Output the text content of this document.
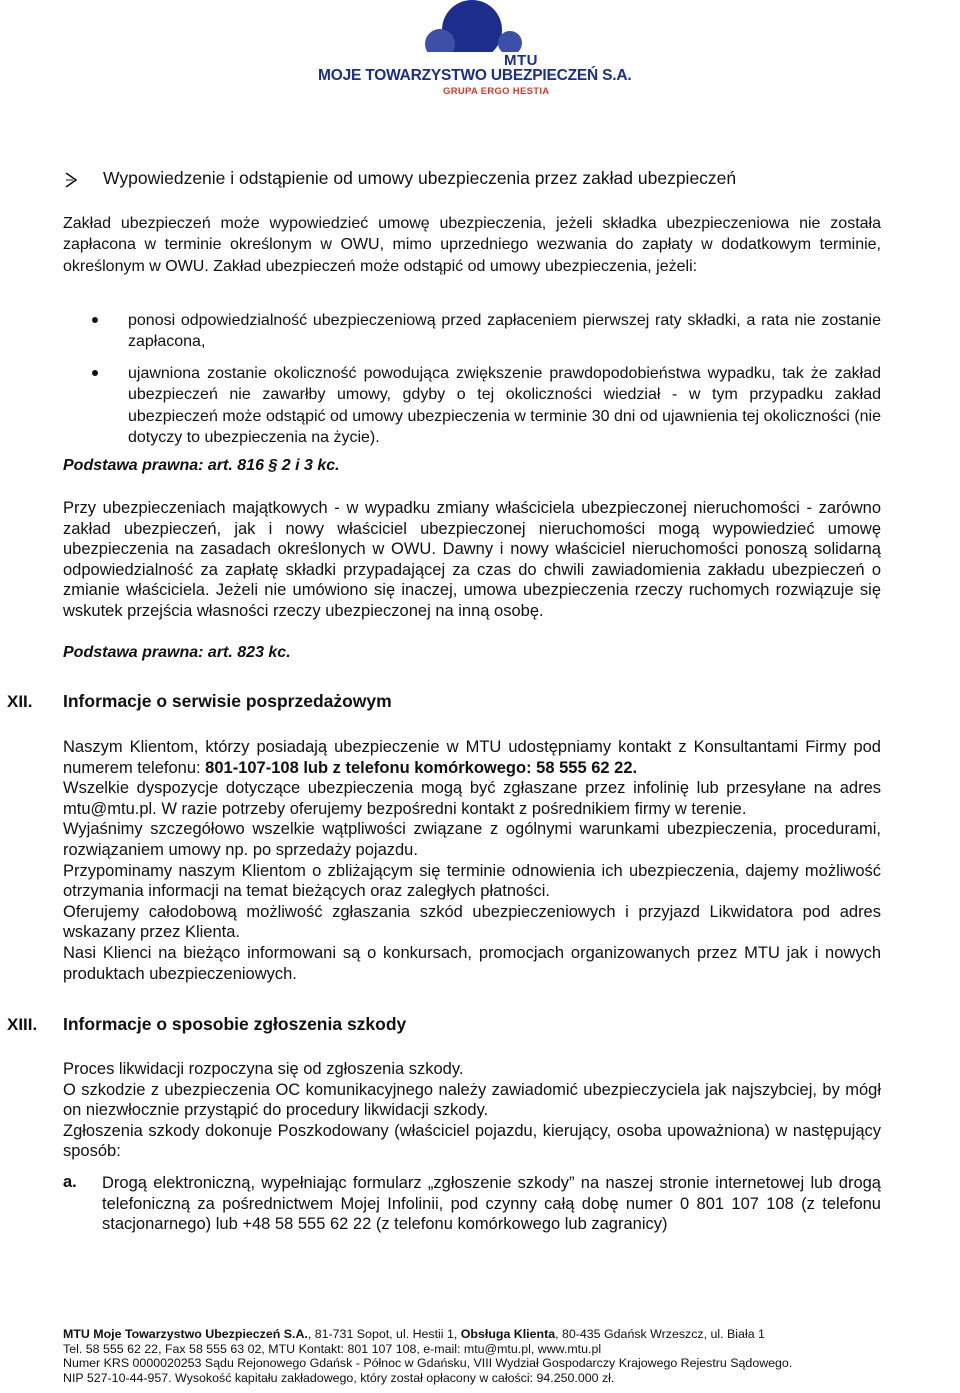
MTU
MOJE TOWARZYSTWO UBEZPIECZEŃ S.A.
GRUPA ERGO HESTIA
Wypowiedzenie i odstąpienie od umowy ubezpieczenia przez zakład ubezpieczeń

Zakład ubezpieczeń może wypowiedzieć umowę ubezpieczenia, jeżeli składka ubezpieczeniowa nie została zapłacona w terminie określonym w OWU, mimo uprzedniego wezwania do zapłaty w dodatkowym terminie, określonym w OWU. Zakład ubezpieczeń może odstąpić od umowy ubezpieczenia, jeżeli:

ponosi odpowiedzialność ubezpieczeniową przed zapłaceniem pierwszej raty składki, a rata nie zostanie zapłacona,

ujawniona zostanie okoliczność powodująca zwiększenie prawdopodobieństwa wypadku, tak że zakład ubezpieczeń nie zawarłby umowy, gdyby o tej okoliczności wiedział - w tym przypadku zakład ubezpieczeń może odstąpić od umowy ubezpieczenia w terminie 30 dni od ujawnienia tej okoliczności (nie dotyczy to ubezpieczenia na życie).

Podstawa prawna: art. 816 § 2 i 3 kc.

Przy ubezpieczeniach majątkowych - w wypadku zmiany właściciela ubezpieczonej nieruchomości - zarówno zakład ubezpieczeń, jak i nowy właściciel ubezpieczonej nieruchomości mogą wypowiedzieć umowę ubezpieczenia na zasadach określonych w OWU. Dawny i nowy właściciel nieruchomości ponoszą solidarną odpowiedzialność za zapłatę składki przypadającej za czas do chwili zawiadomienia zakładu ubezpieczeń o zmianie właściciela. Jeżeli nie umówiono się inaczej, umowa ubezpieczenia rzeczy ruchomych rozwiązuje się wskutek przejścia własności rzeczy ubezpieczonej na inną osobę.

Podstawa prawna: art. 823 kc.
XII. Informacje o serwisie posprzedażowym

Naszym Klientom, którzy posiadają ubezpieczenie w MTU udostępniamy kontakt z Konsultantami Firmy pod numerem telefonu: 801-107-108 lub z telefonu komórkowego: 58 555 62 22.

Wszelkie dyspozycje dotyczące ubezpieczenia mogą być zgłaszane przez infolinię lub przesyłane na adres mtu@mtu.pl. W razie potrzeby oferujemy bezpośredni kontakt z pośrednikiem firmy w terenie.

Wyjaśnimy szczegółowo wszelkie wątpliwości związane z ogólnymi warunkami ubezpieczenia, procedurami, rozwiązaniem umowy np. po sprzedaży pojazdu.

Przypominamy naszym Klientom o zbliżającym się terminie odnowienia ich ubezpieczenia, dajemy możliwość otrzymania informacji na temat bieżących oraz zaległych płatności.

Oferujemy całodobową możliwość zgłaszania szkód ubezpieczeniowych i przyjazd Likwidatora pod adres wskazany przez Klienta.

Nasi Klienci na bieżąco informowani są o konkursach, promocjach organizowanych przez MTU jak i nowych produktach ubezpieczeniowych.

XIII. Informacje o sposobie zgłoszenia szkody

Proces likwidacji rozpoczyna się od zgłoszenia szkody.

O szkodzie z ubezpieczenia OC komunikacyjnego należy zawiadomić ubezpieczyciela jak najszybciej, by mógł on niezwłocznie przystąpić do procedury likwidacji szkody.

Zgłoszenia szkody dokonuje Poszkodowany (właściciel pojazdu, kierujący, osoba upoważniona) w następujący sposób:

a. Drogą elektroniczną, wypełniając formularz „zgłoszenie szkody” na naszej stronie internetowej lub drogą telefoniczną za pośrednictwem Mojej Infolinii, pod czynny całą dobę numer 0 801 107 108 (z telefonu stacjonarnego) lub +48 58 555 62 22 (z telefonu komórkowego lub zagranicy)

MTU Moje Towarzystwo Ubezpieczeń S.A., 81-731 Sopot, ul. Hestii 1, Obsługa Klienta, 80-435 Gdańsk Wrzeszcz, ul. Biała 1
Tel. 58 555 62 22, Fax 58 555 63 02, MTU Kontakt: 801 107 108, e-mail: mtu@mtu.pl, www.mtu.pl
Numer KRS 0000020253 Sądu Rejonowego Gdańsk - Północ w Gdańsku, VIII Wydział Gospodarczy Krajowego Rejestru Sądowego.
NIP 527-10-44-957. Wysokość kapitału zakładowego, który został opłacony w całości: 94.250.000 zł.
